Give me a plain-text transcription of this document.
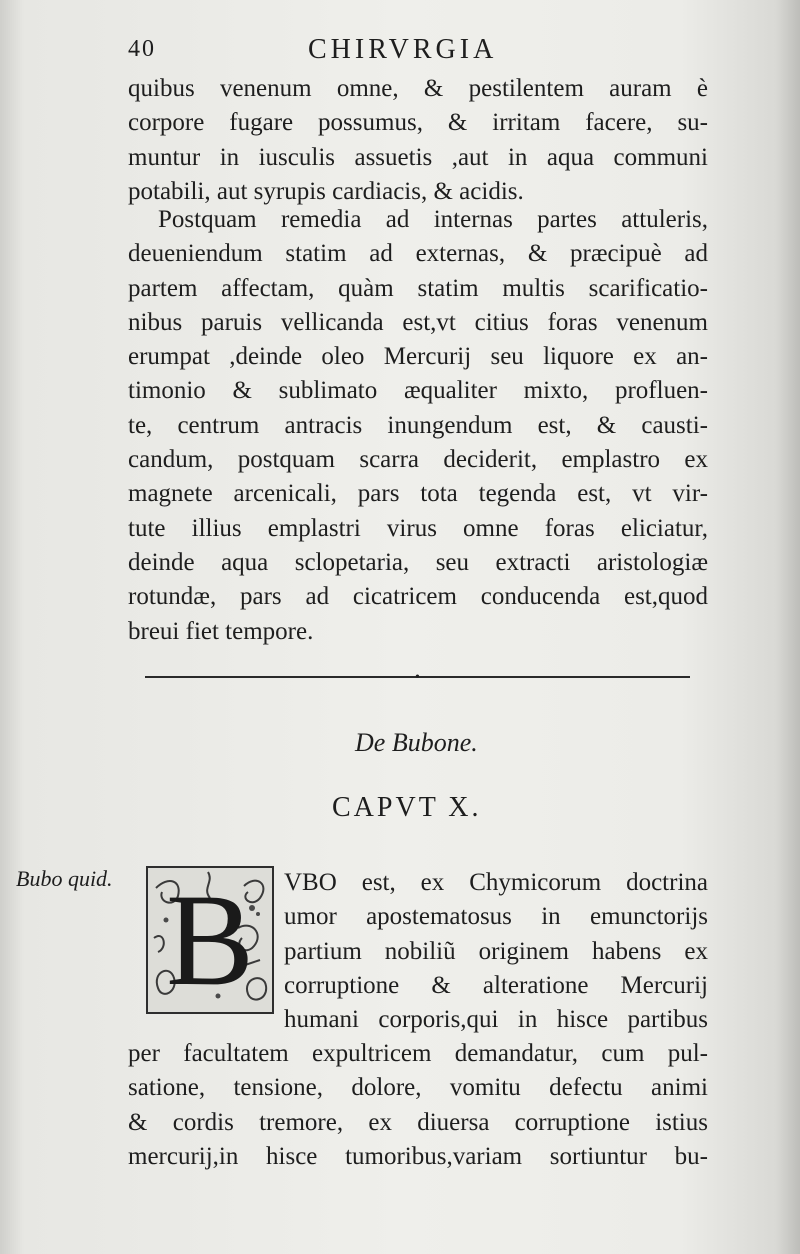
40	CHIRVRGIA
quibus venenum omne, & pestilentem auram è
corpore fugare possumus, & irritam facere, su-
muntur in iusculis assuetis ,aut in aqua communi
potabili, aut syrupis cardiacis, & acidis.
Postquam remedia ad internas partes attuleris,
deueniendum statim ad externas, & præcipuè ad
partem affectam, quàm statim multis scarificatio-
nibus paruis vellicanda est,vt citius foras venenum
erumpat ,deinde oleo Mercurij seu liquore ex an-
timonio & sublimato æqualiter mixto, profluen-
te, centrum antracis inungendum est, & causti-
candum, postquam scarra deciderit, emplastro ex
magnete arcenicali, pars tota tegenda est, vt vir-
tute illius emplastri virus omne foras eliciatur,
deinde aqua sclopetaria, seu extracti aristologiæ
rotundæ, pars ad cicatricem conducenda est,quod
breui fiet tempore.
•
De Bubone.
CAPVT X.
Bubo quid. B VBO est, ex Chymicorum doctrina
umor apostematosus in emunctorijs
partium nobiliũ originem habens ex
corruptione & alteratione Mercurij
humani corporis,qui in hisce partibus
per facultatem expultricem demandatur, cum pul-
satione, tensione, dolore, vomitu defectu animi
& cordis tremore, ex diuersa corruptione istius
mercurij,in hisce tumoribus,variam sortiuntur bu-
